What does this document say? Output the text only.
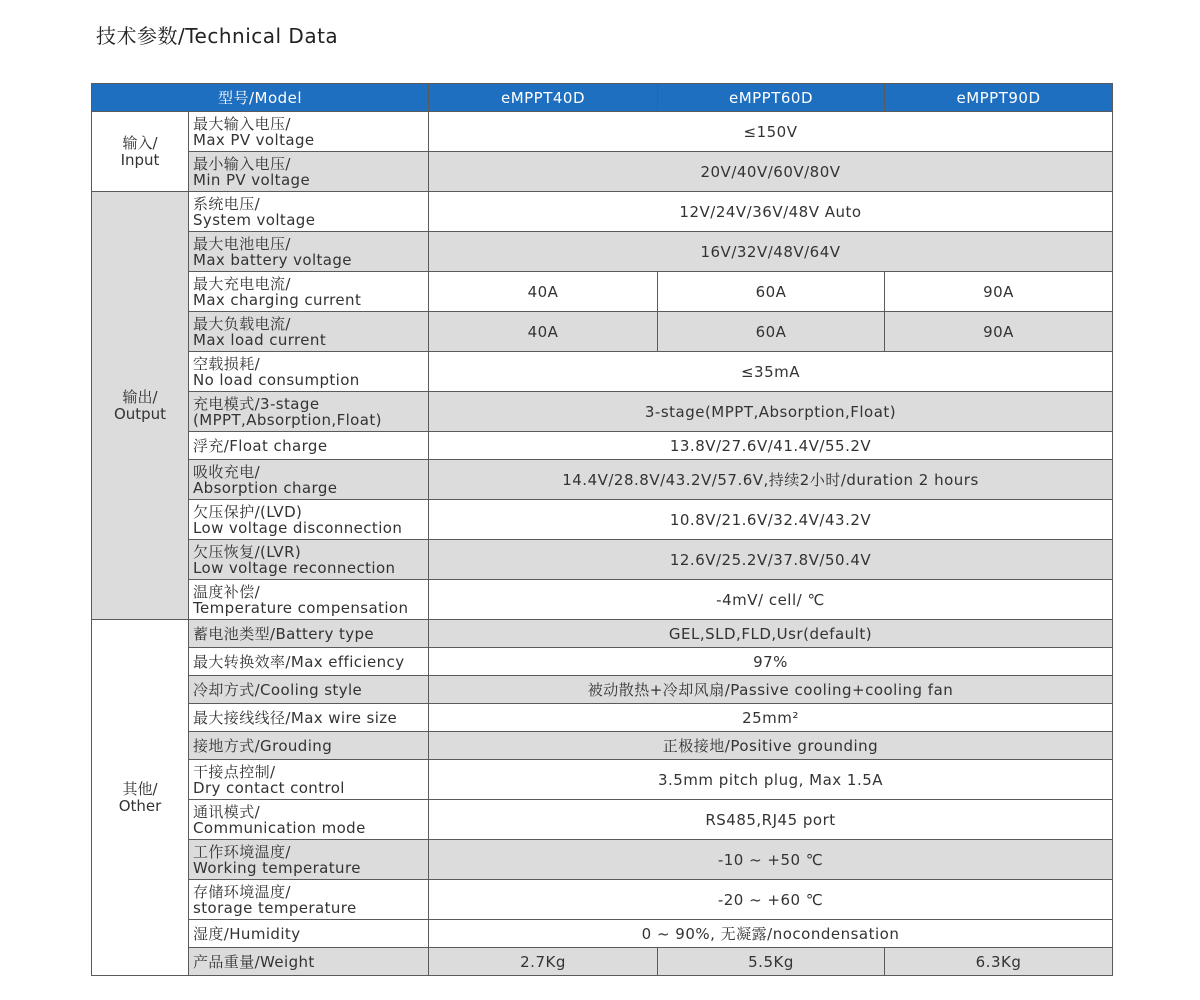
技术参数/Technical Data
型号/Model		eMPPT40D	eMPPT60D	eMPPT90D

输入/
Input	最大输入电压/
Max PV voltage	≤150V		

	最小输入电压/
Min PV voltage	20V/40V/60V/80V		

输出/
Output	系统电压/
System voltage	12V/24V/36V/48V Auto		

	最大电池电压/
Max battery voltage	16V/32V/48V/64V		

	最大充电电流/
Max charging current	40A	60A	90A

	最大负载电流/
Max load current	40A	60A	90A

	空载损耗/
No load consumption	≤35mA		

	充电模式/3-stage
(MPPT,Absorption,Float)	3-stage(MPPT,Absorption,Float)		

	浮充/Float charge	13.8V/27.6V/41.4V/55.2V		

	吸收充电/
Absorption charge	14.4V/28.8V/43.2V/57.6V,持续2小时/duration 2 hours		

	欠压保护/(LVD)
Low voltage disconnection	10.8V/21.6V/32.4V/43.2V		

	欠压恢复/(LVR)
Low voltage reconnection	12.6V/25.2V/37.8V/50.4V		

	温度补偿/
Temperature compensation	-4mV/ cell/ ℃		

其他/
Other	蓄电池类型/Battery type	GEL,SLD,FLD,Usr(default)		

	最大转换效率/Max efficiency	97%		

	冷却方式/Cooling style	被动散热+冷却风扇/Passive cooling+cooling fan		

	最大接线线径/Max wire size	25mm²		

	接地方式/Grouding	正极接地/Positive grounding		

	干接点控制/
Dry contact control	3.5mm pitch plug, Max 1.5A		

	通讯模式/
Communication mode	RS485,RJ45 port		

	工作环境温度/
Working temperature	-10 ~ +50 ℃		

	存储环境温度/
storage temperature	-20 ~ +60 ℃		

	湿度/Humidity	0 ~ 90%, 无凝露/nocondensation		

	产品重量/Weight	2.7Kg	5.5Kg	6.3Kg
